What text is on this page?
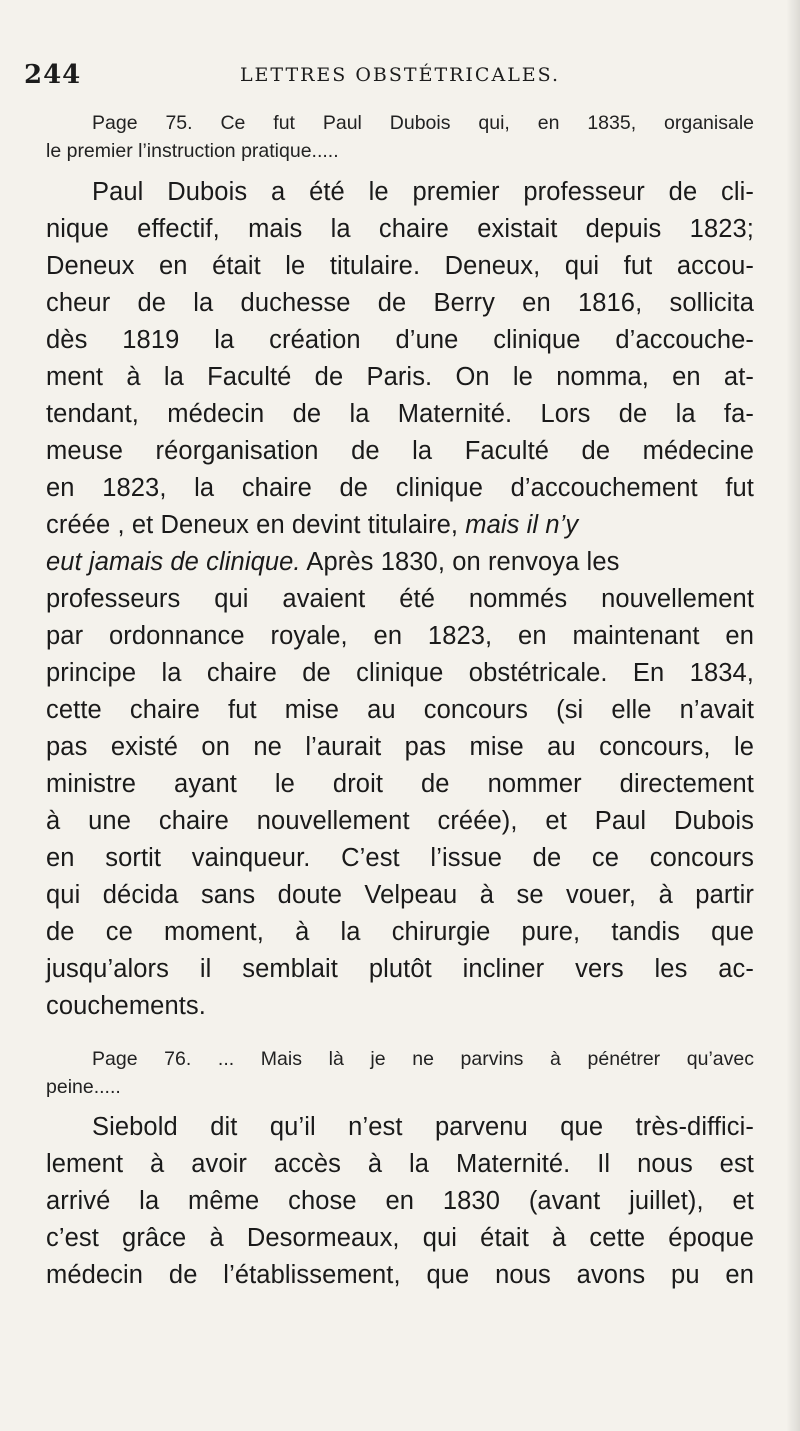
244	LETTRES OBSTÉTRICALES.
Page 75. Ce fut Paul Dubois qui, en 1835, organisale
le premier l’instruction pratique.....
Paul Dubois a été le premier professeur de cli-
nique effectif, mais la chaire existait depuis 1823;
Deneux en était le titulaire. Deneux, qui fut accou-
cheur de la duchesse de Berry en 1816, sollicita
dès 1819 la création d’une clinique d’accouche-
ment à la Faculté de Paris. On le nomma, en at-
tendant, médecin de la Maternité. Lors de la fa-
meuse réorganisation de la Faculté de médecine
en 1823, la chaire de clinique d’accouchement fut
créée , et Deneux en devint titulaire, mais il n’y
eut jamais de clinique. Après 1830, on renvoya les
professeurs qui avaient été nommés nouvellement
par ordonnance royale, en 1823, en maintenant en
principe la chaire de clinique obstétricale. En 1834,
cette chaire fut mise au concours (si elle n’avait
pas existé on ne l’aurait pas mise au concours, le
ministre ayant le droit de nommer directement
à une chaire nouvellement créée), et Paul Dubois
en sortit vainqueur. C’est l’issue de ce concours
qui décida sans doute Velpeau à se vouer, à partir
de ce moment, à la chirurgie pure, tandis que
jusqu’alors il semblait plutôt incliner vers les ac-
couchements.
Page 76. ... Mais là je ne parvins à pénétrer qu’avec
peine.....
Siebold dit qu’il n’est parvenu que très-diffici-
lement à avoir accès à la Maternité. Il nous est
arrivé la même chose en 1830 (avant juillet), et
c’est grâce à Desormeaux, qui était à cette époque
médecin de l’établissement, que nous avons pu en
